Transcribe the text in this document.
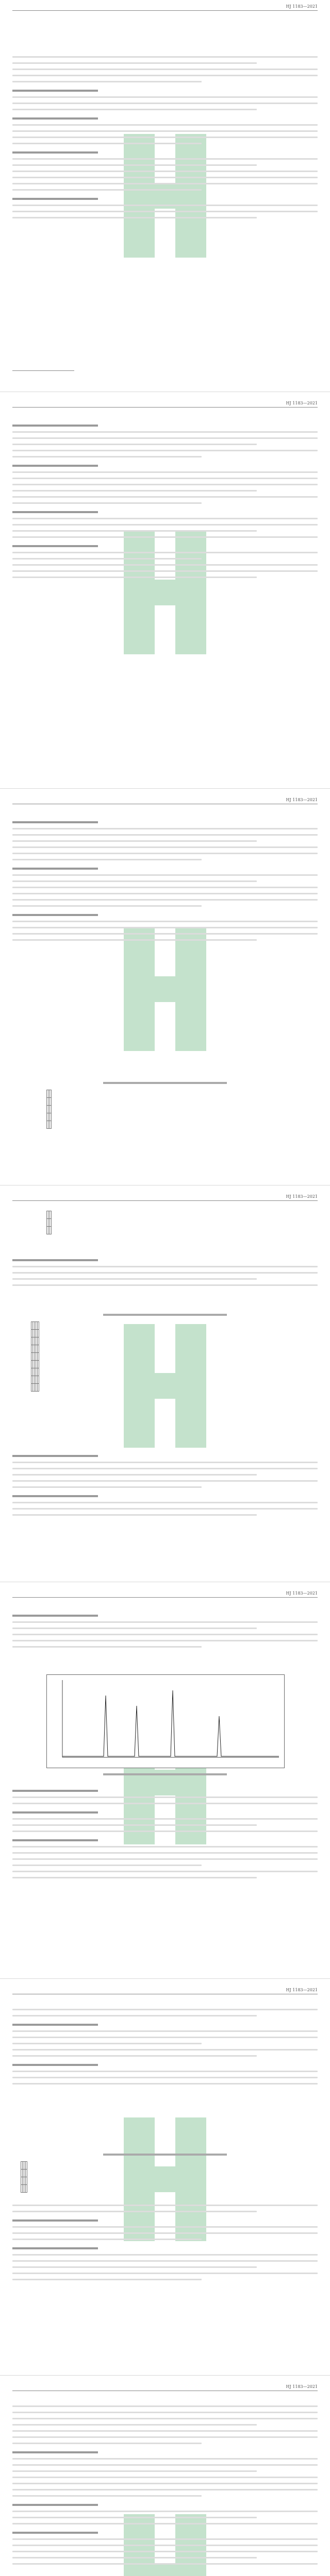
HJ 1183—2021
HJ 1183—2021
HJ 1183—2021

HJ 1183—2021

HJ 1183—2021
HJ 1183—2021

HJ 1183—2021
